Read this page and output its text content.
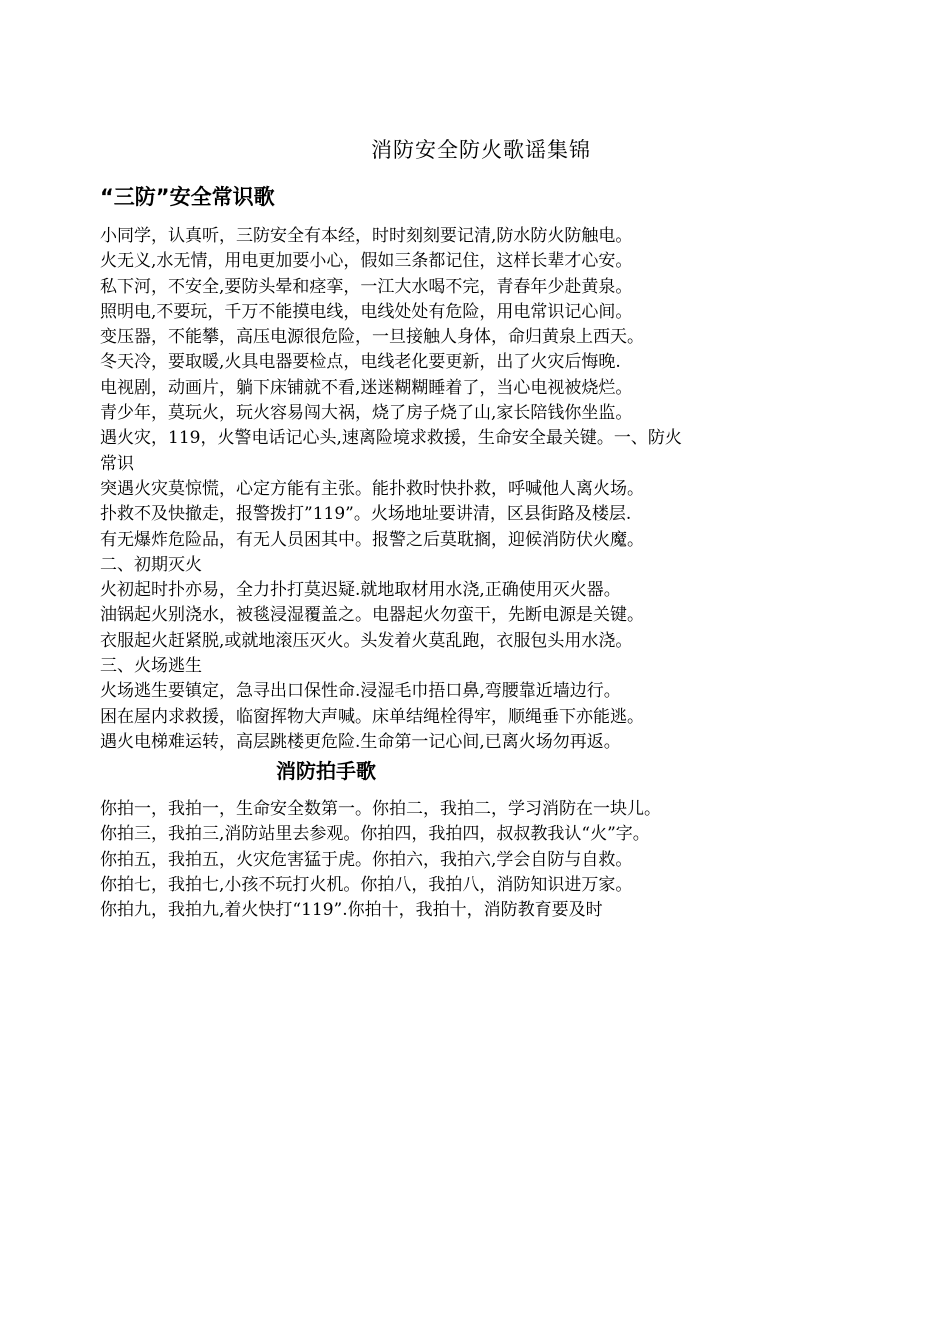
消防安全防火歌谣集锦
“三防”安全常识歌
小同学，认真听，三防安全有本经，时时刻刻要记清,防水防火防触电。
火无义,水无情，用电更加要小心，假如三条都记住，这样长辈才心安。
私下河，不安全,要防头晕和痉挛，一江大水喝不完，青春年少赴黄泉。
照明电,不要玩，千万不能摸电线，电线处处有危险，用电常识记心间。
变压器，不能攀，高压电源很危险，一旦接触人身体，命归黄泉上西天。
冬天冷，要取暖,火具电器要检点，电线老化要更新，出了火灾后悔晚.
电视剧，动画片，躺下床铺就不看,迷迷糊糊睡着了，当心电视被烧烂。
青少年，莫玩火，玩火容易闯大祸，烧了房子烧了山,家长陪钱你坐监。
遇火灾，119，火警电话记心头,速离险境求救援，生命安全最关键。一、防火
常识
突遇火灾莫惊慌，心定方能有主张。能扑救时快扑救，呼喊他人离火场。
扑救不及快撤走，报警拨打”119”。火场地址要讲清，区县街路及楼层.
有无爆炸危险品，有无人员困其中。报警之后莫耽搁，迎候消防伏火魔。
二、初期灭火
火初起时扑亦易，全力扑打莫迟疑.就地取材用水浇,正确使用灭火器。
油锅起火别浇水，被毯浸湿覆盖之。电器起火勿蛮干，先断电源是关键。
衣服起火赶紧脱,或就地滚压灭火。头发着火莫乱跑，衣服包头用水浇。
三、火场逃生
火场逃生要镇定，急寻出口保性命.浸湿毛巾捂口鼻,弯腰靠近墙边行。
困在屋内求救援，临窗挥物大声喊。床单结绳栓得牢，顺绳垂下亦能逃。
遇火电梯难运转，高层跳楼更危险.生命第一记心间,已离火场勿再返。
消防拍手歌
你拍一，我拍一，生命安全数第一。你拍二，我拍二，学习消防在一块儿。
你拍三，我拍三,消防站里去参观。你拍四，我拍四，叔叔教我认“火”字。
你拍五，我拍五，火灾危害猛于虎。你拍六，我拍六,学会自防与自救。
你拍七，我拍七,小孩不玩打火机。你拍八，我拍八，消防知识进万家。
你拍九，我拍九,着火快打“119”.你拍十，我拍十，消防教育要及时
